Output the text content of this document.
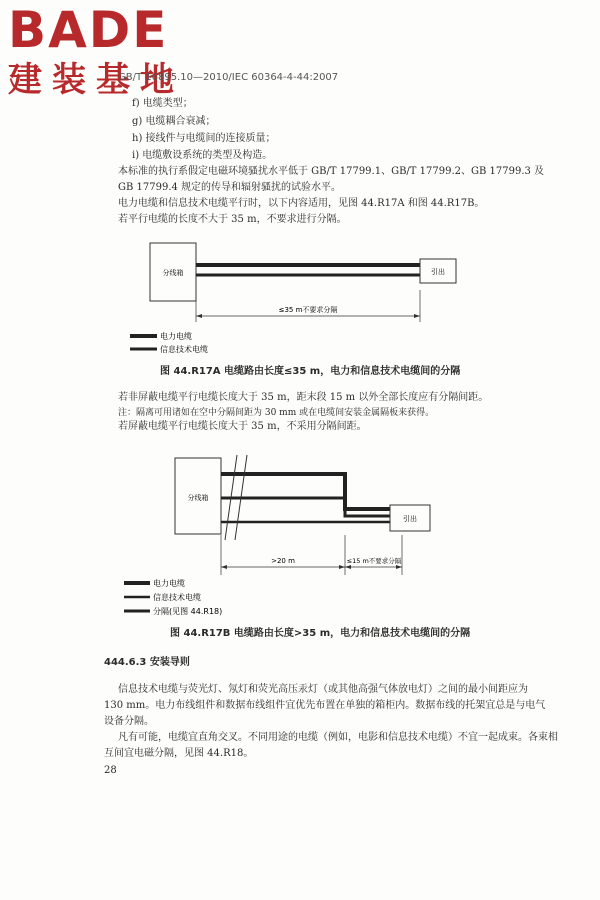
BADE
建装基地
GB/T 16895.10—2010/IEC 60364-4-44:2007
f) 电缆类型；
g) 电缆耦合衰减；
h) 接线件与电缆间的连接质量；
i) 电缆敷设系统的类型及构造。
本标准的执行系假定电磁环境骚扰水平低于 GB/T 17799.1、GB/T 17799.2、GB 17799.3 及
GB 17799.4 规定的传导和辐射骚扰的试验水平。
电力电缆和信息技术电缆平行时，以下内容适用，见图 44.R17A 和图 44.R17B。
若平行电缆的长度不大于 35 m，不要求进行分隔。
分线箱	引出
≤35 m不要求分隔
电力电缆
信息技术电缆
分线箱
引出
>20 m	≤15 m不要求分隔
电力电缆
信息技术电缆
分隔(见图 44.R18)
图 44.R17A 电缆路由长度≤35 m，电力和信息技术电缆间的分隔
若非屏蔽电缆平行电缆长度大于 35 m，距末段 15 m 以外全部长度应有分隔间距。
注：隔离可用诸如在空中分隔间距为 30 mm 或在电缆间安装金属隔板来获得。
若屏蔽电缆平行电缆长度大于 35 m，不采用分隔间距。
图 44.R17B 电缆路由长度>35 m，电力和信息技术电缆间的分隔
444.6.3 安装导则
信息技术电缆与荧光灯、氖灯和荧光高压汞灯（或其他高强气体放电灯）之间的最小间距应为
130 mm。电力布线组件和数据布线组件宜优先布置在单独的箱柜内。数据布线的托架宜总是与电气
设备分隔。
凡有可能，电缆宜直角交叉。不同用途的电缆（例如，电影和信息技术电缆）不宜一起成束。各束相
互间宜电磁分隔，见图 44.R18。
28
